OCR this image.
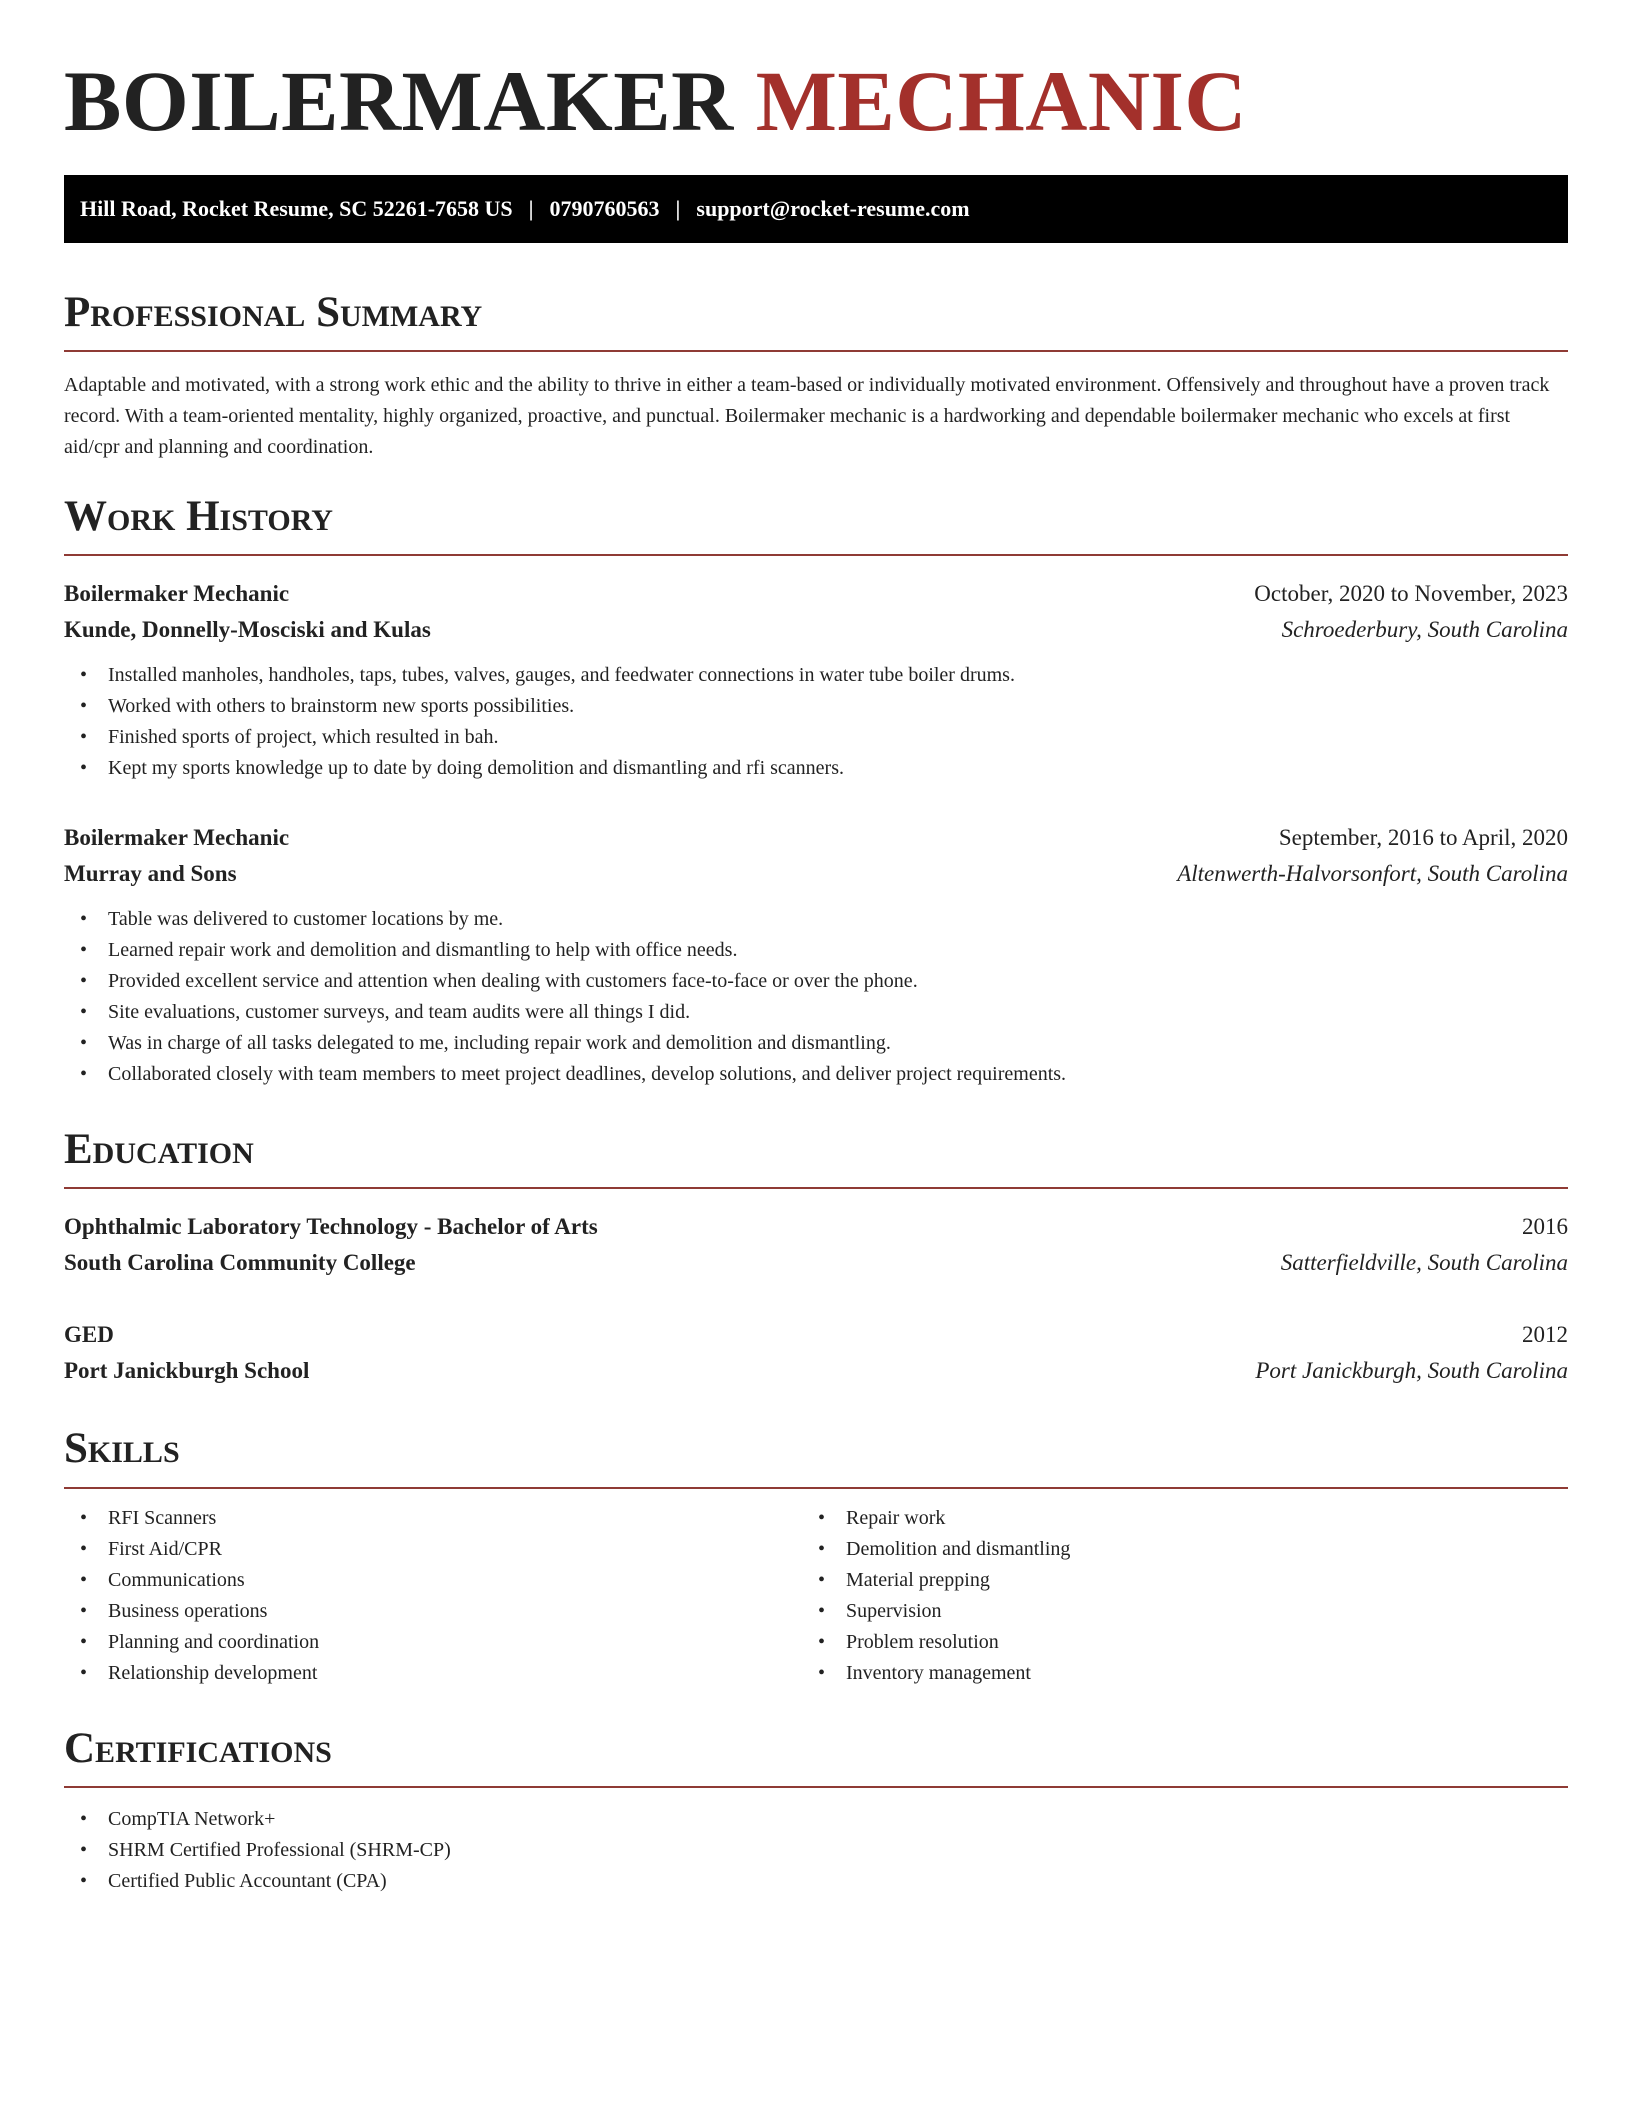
BOILERMAKER MECHANIC
Hill Road, Rocket Resume, SC 52261-7658 US | 0790760563 | support@rocket-resume.com
Professional Summary

Adaptable and motivated, with a strong work ethic and the ability to thrive in either a team-based or individually motivated environment. Offensively and throughout have a proven track record. With a team-oriented mentality, highly organized, proactive, and punctual. Boilermaker mechanic is a hardworking and dependable boilermaker mechanic who excels at first aid/cpr and planning and coordination.

Work History
Boilermaker Mechanic	October, 2020 to November, 2023
Kunde, Donnelly-Mosciski and Kulas	Schroederbury, South Carolina
• Installed manholes, handholes, taps, tubes, valves, gauges, and feedwater connections in water tube boiler drums.
• Worked with others to brainstorm new sports possibilities.
• Finished sports of project, which resulted in bah.
• Kept my sports knowledge up to date by doing demolition and dismantling and rfi scanners.
Boilermaker Mechanic	September, 2016 to April, 2020
Murray and Sons	Altenwerth-Halvorsonfort, South Carolina
• Table was delivered to customer locations by me.
• Learned repair work and demolition and dismantling to help with office needs.
• Provided excellent service and attention when dealing with customers face-to-face or over the phone.
• Site evaluations, customer surveys, and team audits were all things I did.
• Was in charge of all tasks delegated to me, including repair work and demolition and dismantling.
• Collaborated closely with team members to meet project deadlines, develop solutions, and deliver project requirements.
Education
Ophthalmic Laboratory Technology - Bachelor of Arts	2016
South Carolina Community College	Satterfieldville, South Carolina
GED	2012
Port Janickburgh School	Port Janickburgh, South Carolina
Skills
• RFI Scanners
• First Aid/CPR
• Communications
• Business operations
• Planning and coordination
• Relationship development
• Repair work
• Demolition and dismantling
• Material prepping
• Supervision
• Problem resolution
• Inventory management
Certifications
• CompTIA Network+
• SHRM Certified Professional (SHRM-CP)
• Certified Public Accountant (CPA)
